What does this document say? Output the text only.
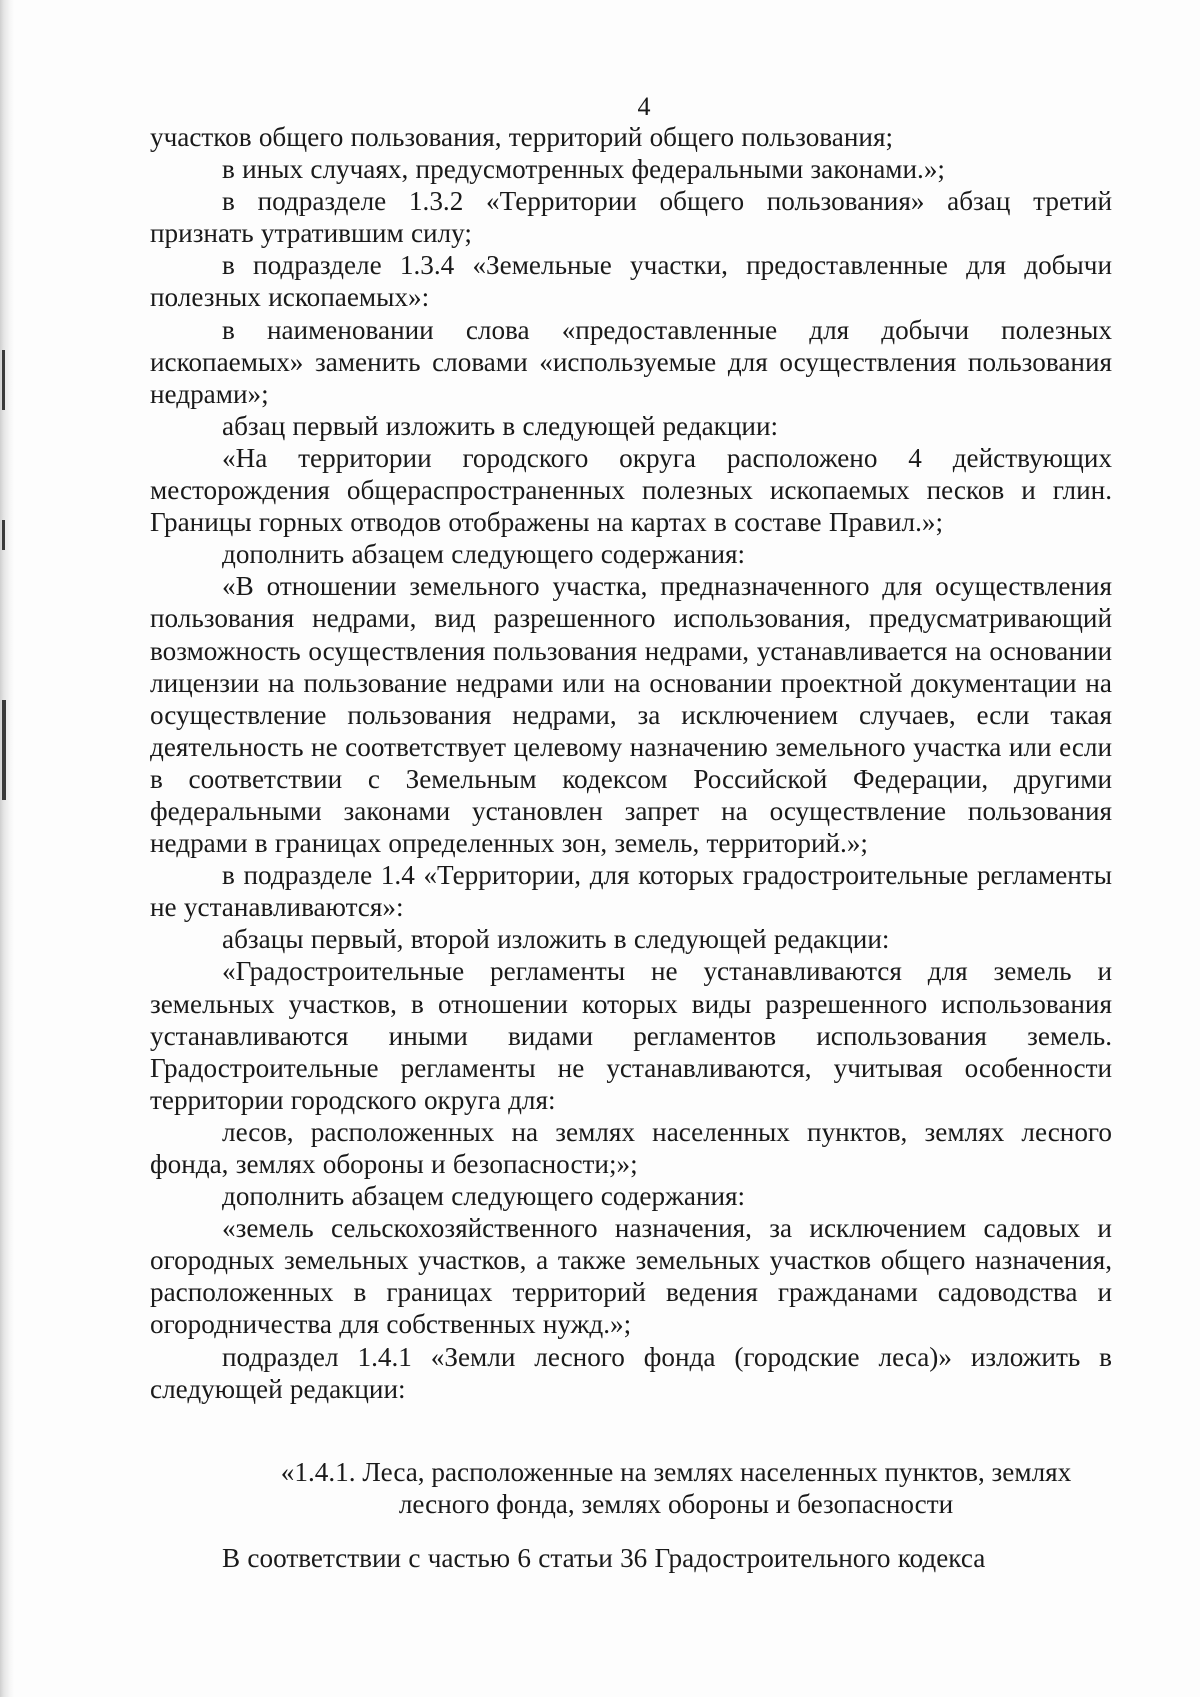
4

участков общего пользования, территорий общего пользования;

в иных случаях, предусмотренных федеральными законами.»;

в подразделе 1.3.2 «Территории общего пользования» абзац третий признать утратившим силу;

в подразделе 1.3.4 «Земельные участки, предоставленные для добычи полезных ископаемых»:

в наименовании слова «предоставленные для добычи полезных ископаемых» заменить словами «используемые для осуществления пользования недрами»;

абзац первый изложить в следующей редакции:

«На территории городского округа расположено 4 действующих месторождения общераспространенных полезных ископаемых песков и глин. Границы горных отводов отображены на картах в составе Правил.»;

дополнить абзацем следующего содержания:

«В отношении земельного участка, предназначенного для осуществления пользования недрами, вид разрешенного использования, предусматривающий возможность осуществления пользования недрами, устанавливается на основании лицензии на пользование недрами или на основании проектной документации на осуществление пользования недрами, за исключением случаев, если такая деятельность не соответствует целевому назначению земельного участка или если в соответствии с Земельным кодексом Российской Федерации, другими федеральными законами установлен запрет на осуществление пользования недрами в границах определенных зон, земель, территорий.»;

в подразделе 1.4 «Территории, для которых градостроительные регламенты не устанавливаются»:

абзацы первый, второй изложить в следующей редакции:

«Градостроительные регламенты не устанавливаются для земель и земельных участков, в отношении которых виды разрешенного использования устанавливаются иными видами регламентов использования земель. Градостроительные регламенты не устанавливаются, учитывая особенности территории городского округа для:

лесов, расположенных на землях населенных пунктов, землях лесного фонда, землях обороны и безопасности;»;

дополнить абзацем следующего содержания:

«земель сельскохозяйственного назначения, за исключением садовых и огородных земельных участков, а также земельных участков общего назначения, расположенных в границах территорий ведения гражданами садоводства и огородничества для собственных нужд.»;

подраздел 1.4.1 «Земли лесного фонда (городские леса)» изложить в следующей редакции:

«1.4.1. Леса, расположенные на землях населенных пунктов, землях
лесного фонда, землях обороны и безопасности

В соответствии с частью 6 статьи 36 Градостроительного кодекса
